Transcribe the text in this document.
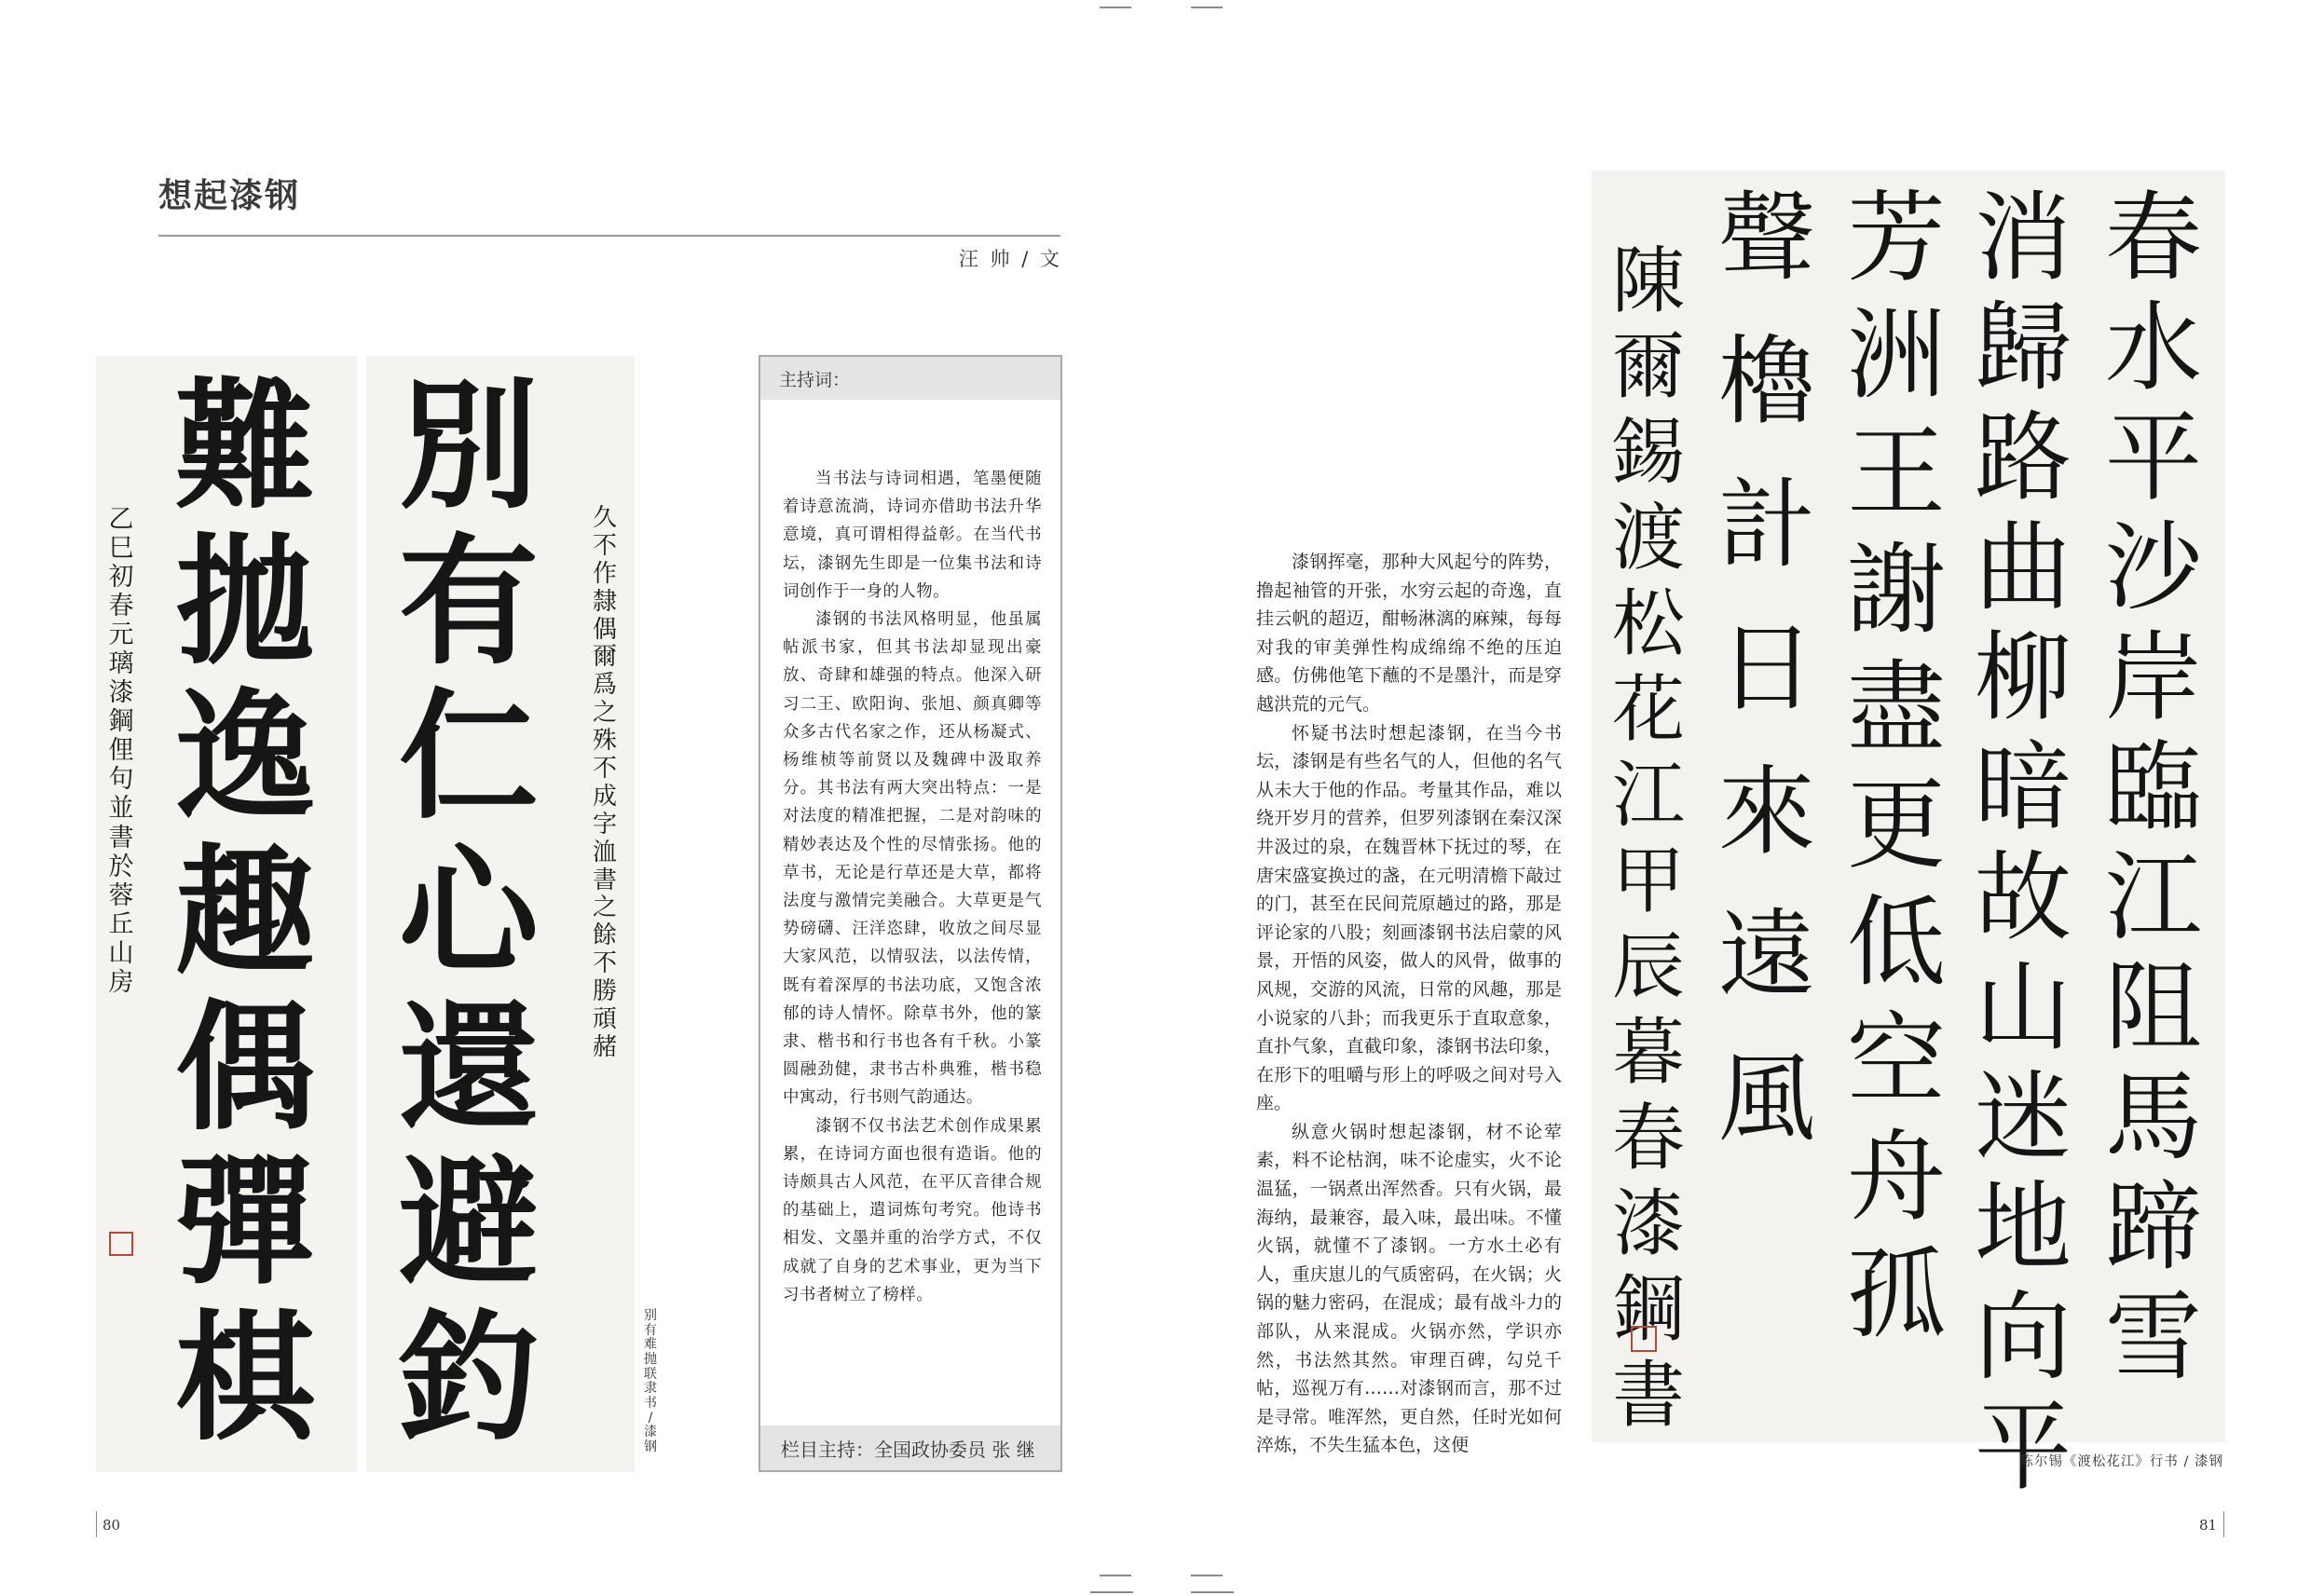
想起漆钢
汪 帅 / 文
難
拋
逸
趣
偶
彈
棋
乙
巳
初
春
元
璃
漆
鋼
俚
句
並
書
於
蓉
丘
山
房
別
有
仁
心
還
避
釣
久
不
作
隸
偶
爾
爲
之
殊
不
成
字
洫
書
之
餘
不
勝
頑
赭
别
有
难
抛
联
隶
书
/
漆
钢
主持词：

当书法与诗词相遇，笔墨便随着诗意流淌，诗词亦借助书法升华意境，真可谓相得益彰。在当代书坛，漆钢先生即是一位集书法和诗词创作于一身的人物。

漆钢的书法风格明显，他虽属帖派书家，但其书法却显现出豪放、奇肆和雄强的特点。他深入研习二王、欧阳询、张旭、颜真卿等众多古代名家之作，还从杨凝式、杨维桢等前贤以及魏碑中汲取养分。其书法有两大突出特点：一是对法度的精准把握，二是对韵味的精妙表达及个性的尽情张扬。他的草书，无论是行草还是大草，都将法度与激情完美融合。大草更是气势磅礴、汪洋恣肆，收放之间尽显大家风范，以情驭法，以法传情，既有着深厚的书法功底，又饱含浓郁的诗人情怀。除草书外，他的篆隶、楷书和行书也各有千秋。小篆圆融劲健，隶书古朴典雅，楷书稳中寓动，行书则气韵通达。

漆钢不仅书法艺术创作成果累累，在诗词方面也很有造诣。他的诗颇具古人风范，在平仄音律合规的基础上，遣词炼句考究。他诗书相发、文墨并重的治学方式，不仅成就了自身的艺术事业，更为当下习书者树立了榜样。

栏目主持：全国政协委员 张 继

漆钢挥毫，那种大风起兮的阵势，撸起袖管的开张，水穷云起的奇逸，直挂云帆的超迈，酣畅淋漓的麻辣，每每对我的审美弹性构成绵绵不绝的压迫感。仿佛他笔下蘸的不是墨汁，而是穿越洪荒的元气。

怀疑书法时想起漆钢，在当今书坛，漆钢是有些名气的人，但他的名气从未大于他的作品。考量其作品，难以绕开岁月的营养，但罗列漆钢在秦汉深井汲过的泉，在魏晋林下抚过的琴，在唐宋盛宴换过的盏，在元明清檐下敲过的门，甚至在民间荒原趟过的路，那是评论家的八股；刻画漆钢书法启蒙的风景，开悟的风姿，做人的风骨，做事的风规，交游的风流，日常的风趣，那是小说家的八卦；而我更乐于直取意象，直扑气象，直截印象，漆钢书法印象，在形下的咀嚼与形上的呼吸之间对号入座。

纵意火锅时想起漆钢，材不论荤素，料不论枯润，味不论虚实，火不论温猛，一锅煮出浑然香。只有火锅，最海纳，最兼容，最入味，最出味。不懂火锅，就懂不了漆钢。一方水土必有人，重庆崽儿的气质密码，在火锅；火锅的魅力密码，在混成；最有战斗力的部队，从来混成。火锅亦然，学识亦然，书法然其然。审理百碑，勾兑千帖，巡视万有……对漆钢而言，那不过是寻常。唯浑然，更自然，任时光如何淬炼，不失生猛本色，这便

春
水
平
沙
岸
臨
江
阻
馬
蹄
雪
消
歸
路
曲
柳
暗
故
山
迷
地
向
平
芳
洲
王
謝
盡
更
低
空
舟
孤
聲
櫓
計
日
來
遠
風
陳
爾
錫
渡
松
花
江
甲
辰
暮
春
漆
鋼
書
陈尔锡《渡松花江》行书 / 漆钢
80	81
